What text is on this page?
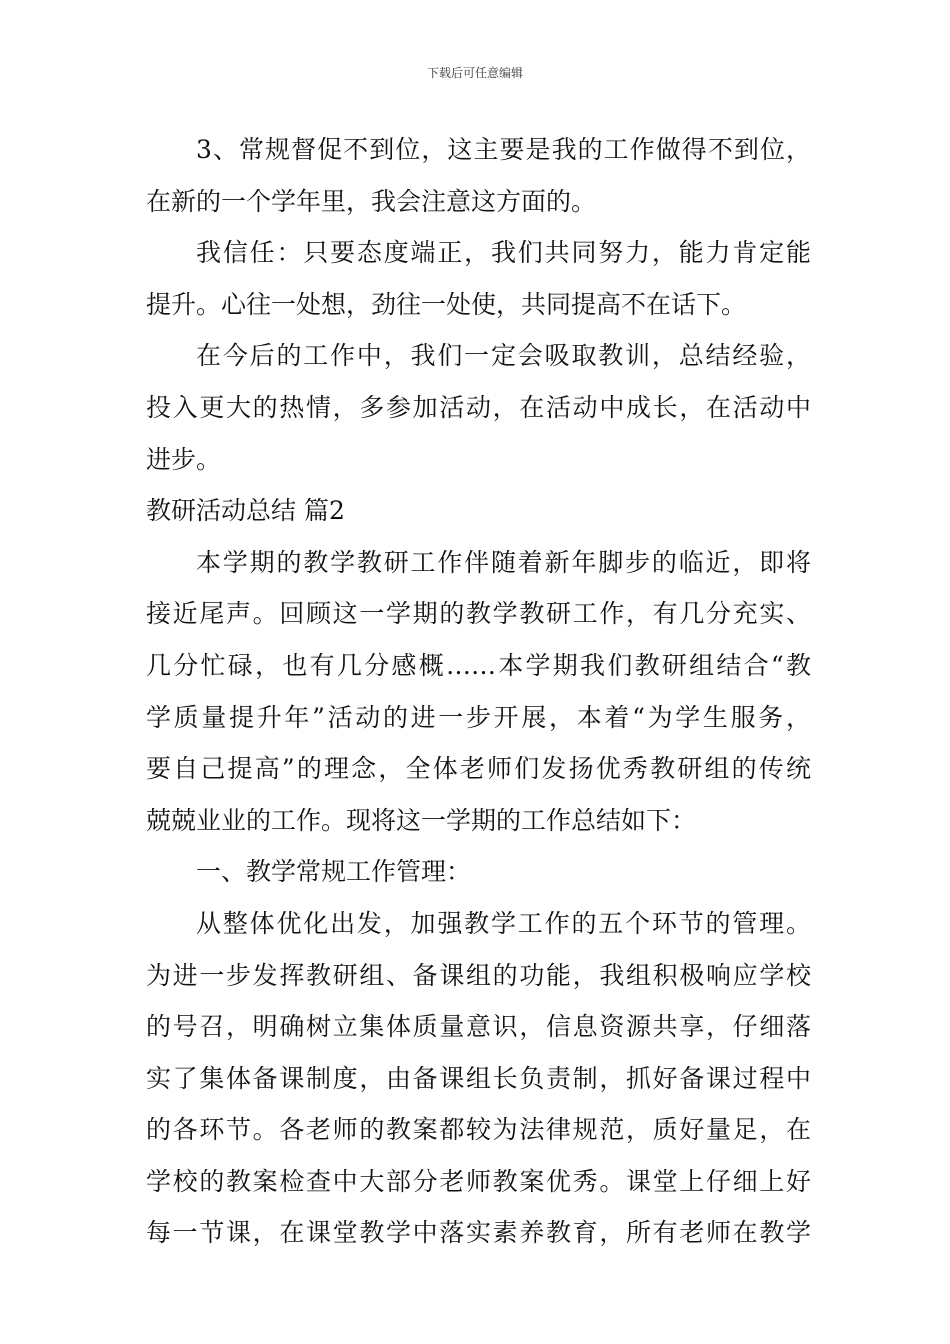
下载后可任意编辑
3、常规督促不到位，这主要是我的工作做得不到位，
在新的一个学年里，我会注意这方面的。
我信任：只要态度端正，我们共同努力，能力肯定能
提升。心往一处想，劲往一处使，共同提高不在话下。
在今后的工作中，我们一定会吸取教训，总结经验，
投入更大的热情，多参加活动，在活动中成长，在活动中
进步。
教研活动总结 篇2
本学期的教学教研工作伴随着新年脚步的临近，即将
接近尾声。回顾这一学期的教学教研工作，有几分充实、
几分忙碌，也有几分感概……本学期我们教研组结合“教
学质量提升年”活动的进一步开展，本着“为学生服务，
要自己提高”的理念，全体老师们发扬优秀教研组的传统
兢兢业业的工作。现将这一学期的工作总结如下：
一、教学常规工作管理：
从整体优化出发，加强教学工作的五个环节的管理。
为进一步发挥教研组、备课组的功能，我组积极响应学校
的号召，明确树立集体质量意识，信息资源共享，仔细落
实了集体备课制度，由备课组长负责制，抓好备课过程中
的各环节。各老师的教案都较为法律规范，质好量足，在
学校的教案检查中大部分老师教案优秀。课堂上仔细上好
每一节课，在课堂教学中落实素养教育，所有老师在教学
